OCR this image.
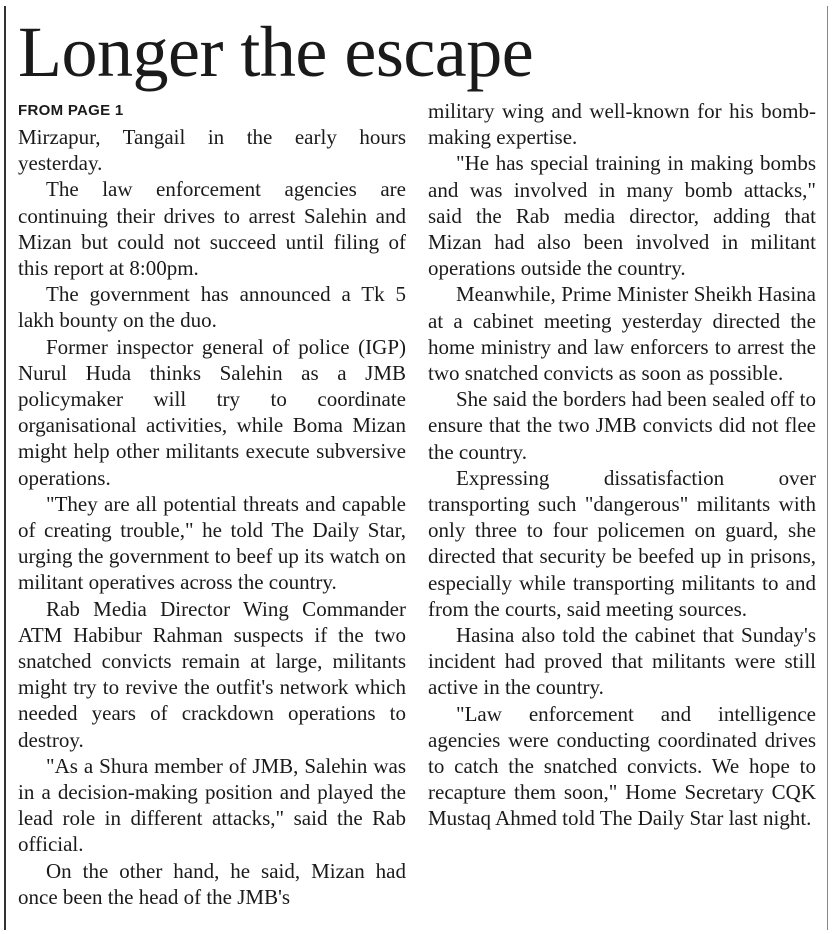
Longer the escape
FROM PAGE 1

Mirzapur, Tangail in the early hours yesterday.

The law enforcement agencies are continuing their drives to arrest Salehin and Mizan but could not succeed until filing of this report at 8:00pm.

The government has announced a Tk 5 lakh bounty on the duo.

Former inspector general of police (IGP) Nurul Huda thinks Salehin as a JMB policymaker will try to coordinate organisational activities, while Boma Mizan might help other militants execute subversive operations.

"They are all potential threats and capable of creating trouble," he told The Daily Star, urging the government to beef up its watch on militant operatives across the country.

Rab Media Director Wing Commander ATM Habibur Rahman suspects if the two snatched convicts remain at large, militants might try to revive the outfit's network which needed years of crackdown operations to destroy.

"As a Shura member of JMB, Salehin was in a decision-making position and played the lead role in different attacks," said the Rab official.

On the other hand, he said, Mizan had once been the head of the JMB's

military wing and well-known for his bomb-making expertise.

"He has special training in making bombs and was involved in many bomb attacks," said the Rab media director, adding that Mizan had also been involved in militant operations outside the country.

Meanwhile, Prime Minister Sheikh Hasina at a cabinet meeting yesterday directed the home ministry and law enforcers to arrest the two snatched convicts as soon as possible.

She said the borders had been sealed off to ensure that the two JMB convicts did not flee the country.

Expressing dissatisfaction over transporting such "dangerous" militants with only three to four policemen on guard, she directed that security be beefed up in prisons, especially while transporting militants to and from the courts, said meeting sources.

Hasina also told the cabinet that Sunday's incident had proved that militants were still active in the country.

"Law enforcement and intelligence agencies were conducting coordinated drives to catch the snatched convicts. We hope to recapture them soon," Home Secretary CQK Mustaq Ahmed told The Daily Star last night.
